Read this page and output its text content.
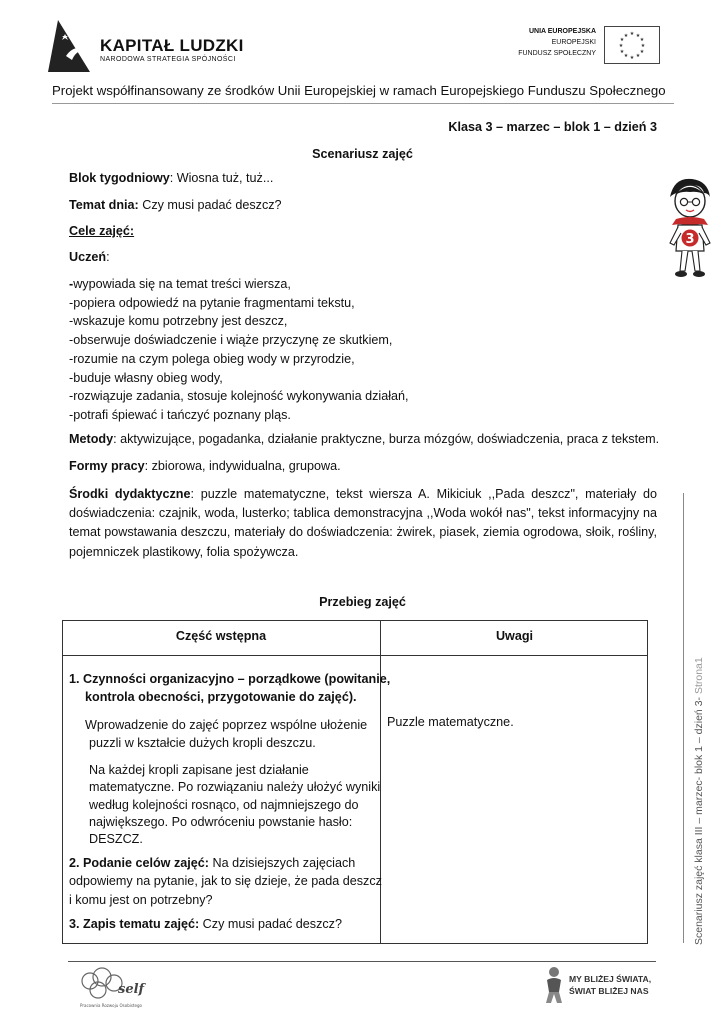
KAPITAŁ LUDZKI
NARODOWA STRATEGIA SPÓJNOŚCI
UNIA EUROPEJSKA
EUROPEJSKI
FUNDUSZ SPOŁECZNY
★ ★
★
★
★
★
★
★
★
★
★
★
Projekt współfinansowany ze środków Unii Europejskiej w ramach Europejskiego Funduszu Społecznego
Klasa 3 – marzec – blok 1 – dzień 3
Scenariusz zajęć
Blok tygodniowy: Wiosna tuż, tuż...
Temat dnia: Czy musi padać deszcz?
Cele zajęć:
Uczeń:
-wypowiada się na temat treści wiersza,
-popiera odpowiedź na pytanie fragmentami tekstu,
-wskazuje komu potrzebny jest deszcz,
-obserwuje doświadczenie i wiąże przyczynę ze skutkiem,
-rozumie na czym polega obieg wody w przyrodzie,
-buduje własny obieg wody,
-rozwiązuje zadania, stosuje kolejność wykonywania działań,
-potrafi śpiewać i tańczyć poznany pląs.
Metody: aktywizujące, pogadanka, działanie praktyczne, burza mózgów, doświadczenia, praca z tekstem.
Formy pracy: zbiorowa, indywidualna, grupowa.
Środki dydaktyczne: puzzle matematyczne, tekst wiersza A. Mikiciuk ,,Pada deszcz", materiały do doświadczenia: czajnik, woda, lusterko; tablica demonstracyjna ,,Woda wokół nas", tekst informacyjny na temat powstawania deszczu, materiały do doświadczenia: żwirek, piasek, ziemia ogrodowa, słoik, rośliny, pojemniczek plastikowy, folia spożywcza.
3
Przebieg zajęć
Część wstępna	Uwagi
1. Czynności organizacyjno – porządkowe (powitanie,
kontrola obecności, przygotowanie do zajęć).
Wprowadzenie do zajęć poprzez wspólne ułożenie
puzzli w kształcie dużych kropli deszczu.
Na każdej kropli zapisane jest działanie
matematyczne. Po rozwiązaniu należy ułożyć wyniki
według kolejności rosnąco, od najmniejszego do
największego. Po odwróceniu powstanie hasło:
DESZCZ.
2. Podanie celów zajęć: Na dzisiejszych zajęciach
odpowiemy na pytanie, jak to się dzieje, że pada deszcz
i komu jest on potrzebny?
3. Zapis tematu zajęć: Czy musi padać deszcz?
Puzzle matematyczne.	Scenariusz zajęć klasa III – marzec- blok 1 – dzień 3- Strona1
self
Pracownia Rozwoju Osobistego
MY BLIŻEJ ŚWIATA,
ŚWIAT BLIŻEJ NAS
